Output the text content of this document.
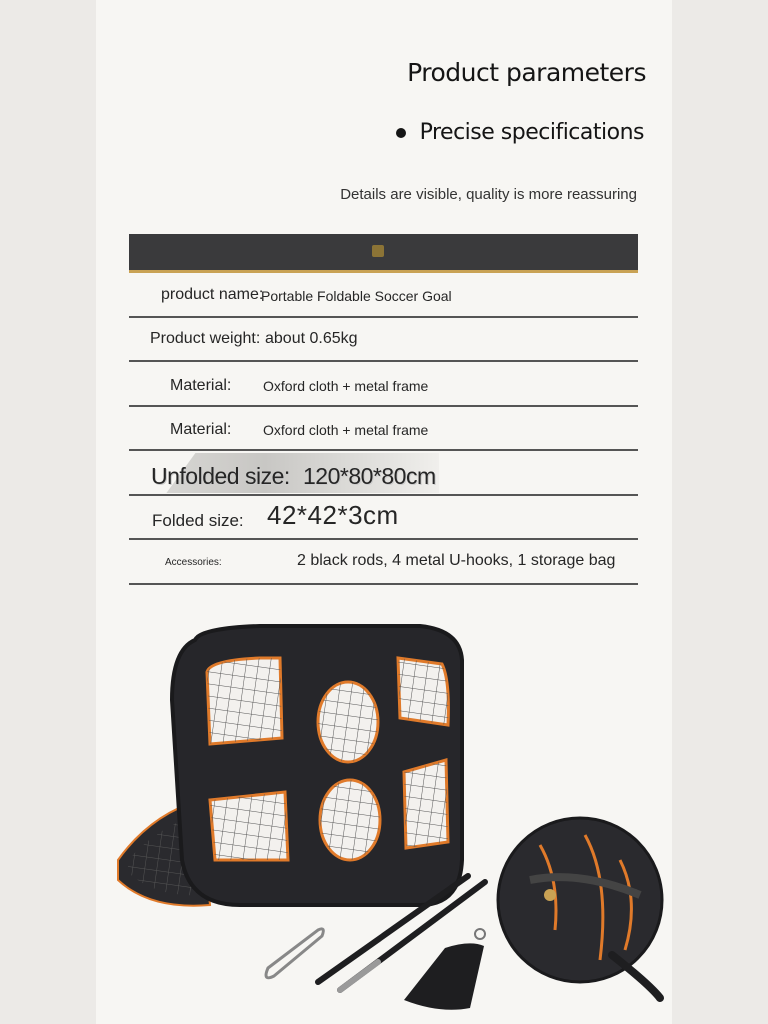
Product parameters
Precise specifications
Details are visible, quality is more reassuring
product name:
Portable Foldable Soccer Goal
Product weight: about 0.65kg
Material: Oxford cloth + metal frame
Material: Oxford cloth + metal frame
Unfolded size: 120*80*80cm
Folded size: 42*42*3cm
Accessories:	2 black rods, 4 metal U-hooks, 1 storage bag
